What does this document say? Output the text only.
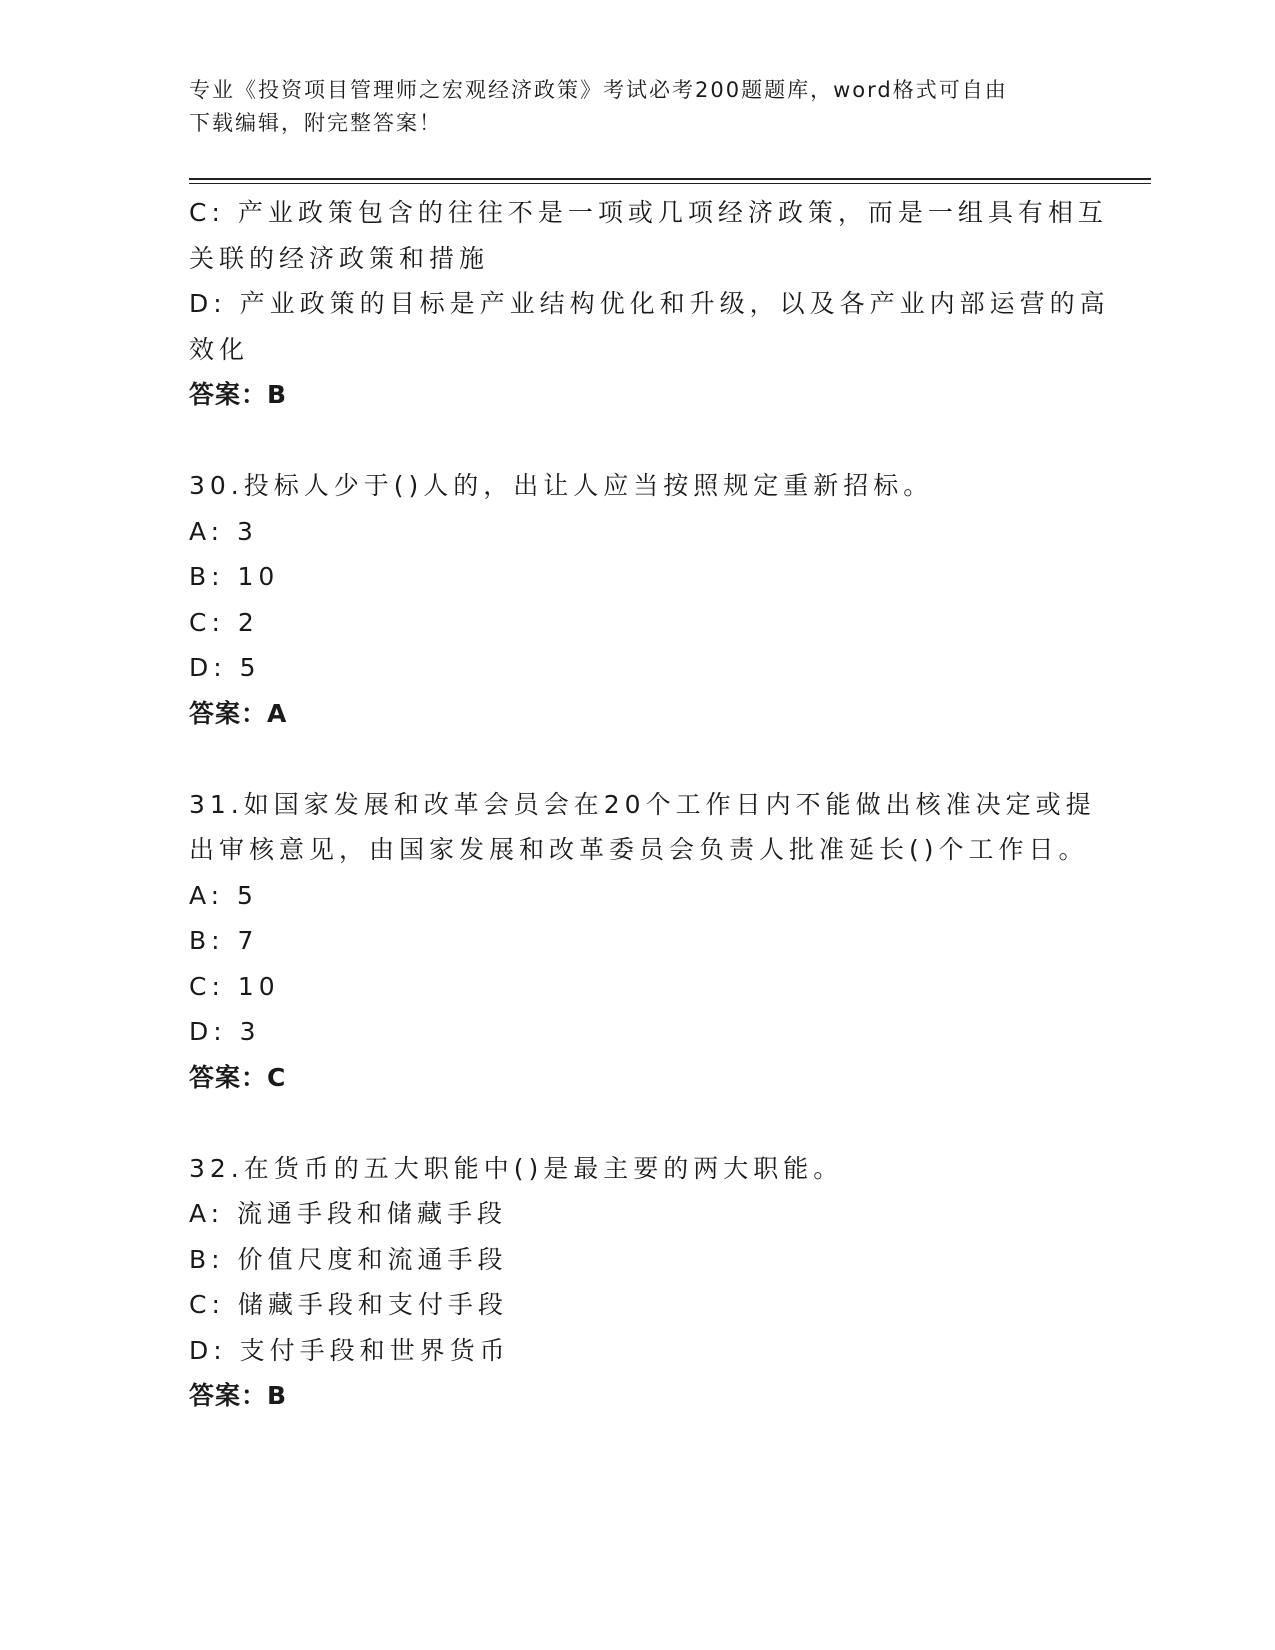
专业《投资项目管理师之宏观经济政策》考试必考200题题库，word格式可自由
下载编辑，附完整答案！
C: 产业政策包含的往往不是一项或几项经济政策，而是一组具有相互
关联的经济政策和措施
D: 产业政策的目标是产业结构优化和升级，以及各产业内部运营的高
效化
答案：B
30.投标人少于()人的，出让人应当按照规定重新招标。
A: 3
B: 10
C: 2
D: 5
答案：A
31.如国家发展和改革会员会在20个工作日内不能做出核准决定或提
出审核意见，由国家发展和改革委员会负责人批准延长()个工作日。
A: 5
B: 7
C: 10
D: 3
答案：C
32.在货币的五大职能中()是最主要的两大职能。
A: 流通手段和储藏手段
B: 价值尺度和流通手段
C: 储藏手段和支付手段
D: 支付手段和世界货币
答案：B
